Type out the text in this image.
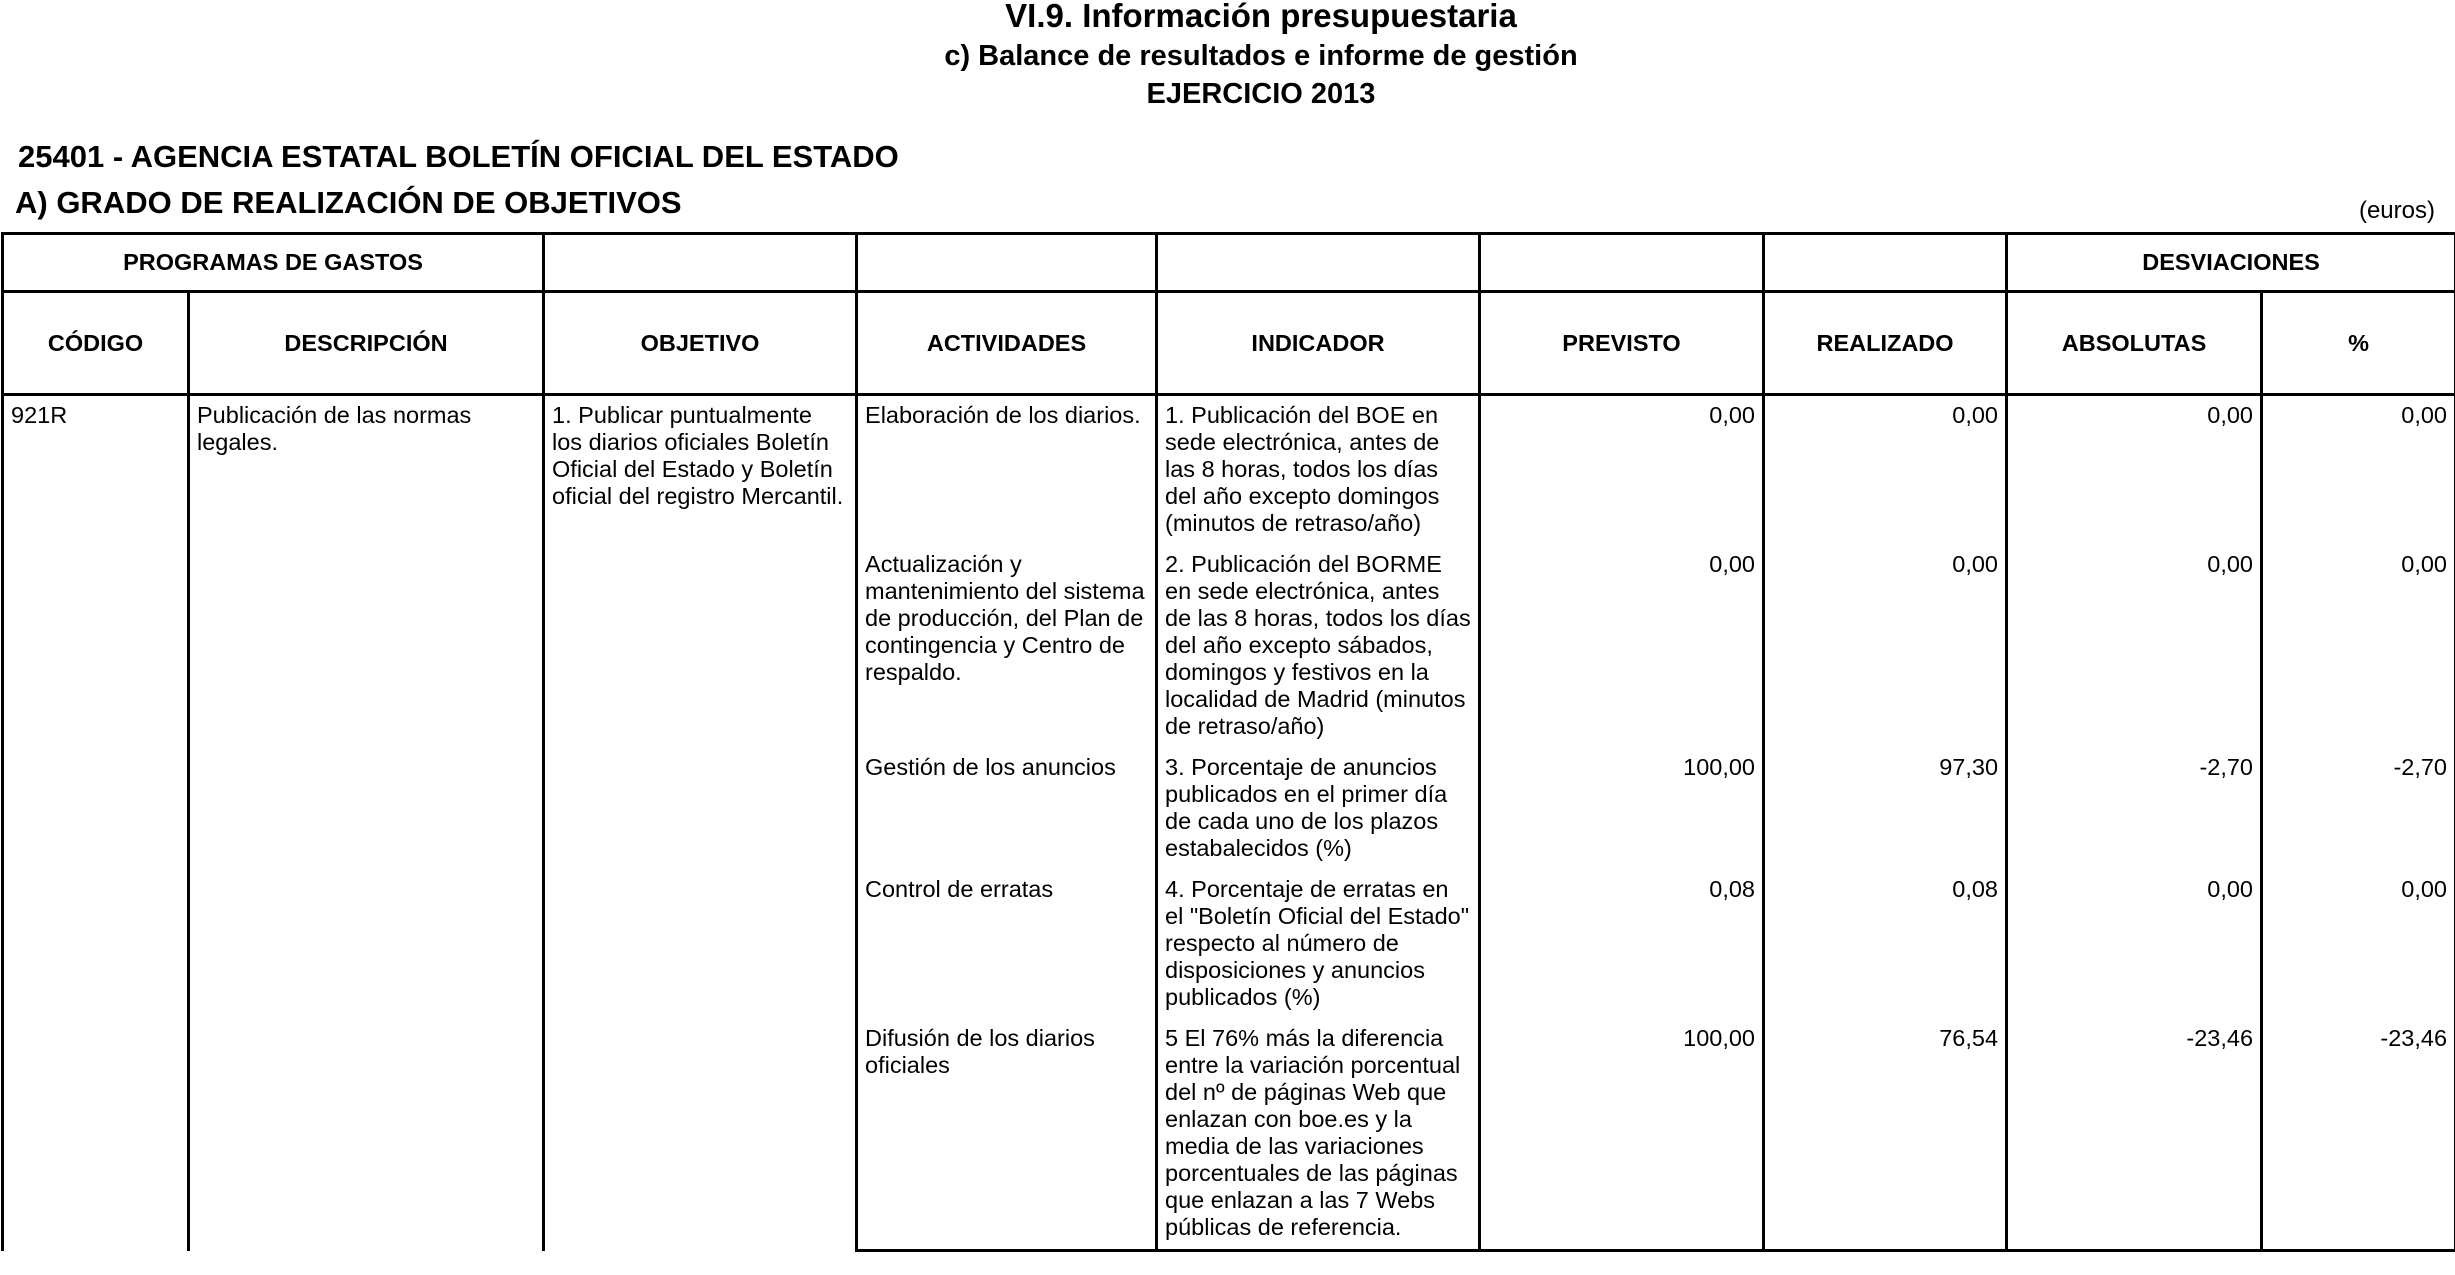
VI.9. Información presupuestaria
c) Balance de resultados e informe de gestión
EJERCICIO 2013
25401 - AGENCIA ESTATAL BOLETÍN OFICIAL DEL ESTADO
A) GRADO DE REALIZACIÓN DE OBJETIVOS	(euros)
PROGRAMAS DE GASTOS							DESVIACIONES	
CÓDIGO	DESCRIPCIÓN	OBJETIVO	ACTIVIDADES	INDICADOR	PREVISTO	REALIZADO	ABSOLUTAS	%
921R	Publicación de las normas legales.	1. Publicar puntualmente los diarios oficiales Boletín Oficial del Estado y Boletín oficial del registro Mercantil.	Elaboración de los diarios.	1. Publicación del BOE en sede electrónica, antes de las 8 horas, todos los días del año excepto domingos (minutos de retraso/año)	0,00	0,00	0,00	0,00
			Actualización y mantenimiento del sistema de producción, del Plan de contingencia y Centro de respaldo.	2. Publicación del BORME en sede electrónica, antes de las 8 horas, todos los días del año excepto sábados, domingos y festivos en la localidad de Madrid (minutos de retraso/año)	0,00	0,00	0,00	0,00
			Gestión de los anuncios	3. Porcentaje de anuncios publicados en el primer día de cada uno de los plazos estabalecidos (%)	100,00	97,30	-2,70	-2,70
			Control de erratas	4. Porcentaje de erratas en el "Boletín Oficial del Estado" respecto al número de disposiciones y anuncios publicados (%)	0,08	0,08	0,00	0,00
			Difusión de los diarios oficiales	5 El 76% más la diferencia entre la variación porcentual del nº de páginas Web que enlazan con boe.es y la media de las variaciones porcentuales de las páginas que enlazan a las 7 Webs públicas de referencia.	100,00	76,54	-23,46	-23,46
